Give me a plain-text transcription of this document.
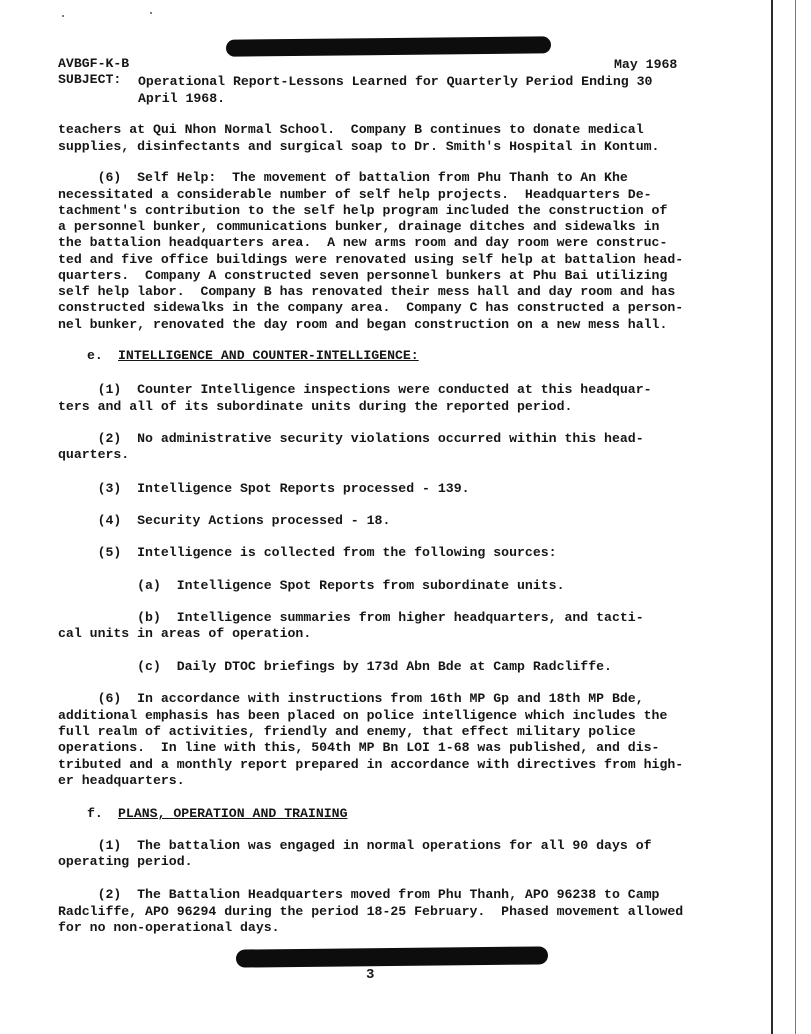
AVBGF-K-B	May 1968
SUBJECT: Operational Report-Lessons Learned for Quarterly Period Ending 30
April 1968.
teachers at Qui Nhon Normal School.  Company B continues to donate medical
supplies, disinfectants and surgical soap to Dr. Smith's Hospital in Kontum.
(6)  Self Help:  The movement of battalion from Phu Thanh to An Khe
necessitated a considerable number of self help projects.  Headquarters De-
tachment's contribution to the self help program included the construction of
a personnel bunker, communications bunker, drainage ditches and sidewalks in
the battalion headquarters area.  A new arms room and day room were construc-
ted and five office buildings were renovated using self help at battalion head-
quarters.  Company A constructed seven personnel bunkers at Phu Bai utilizing
self help labor.  Company B has renovated their mess hall and day room and has
constructed sidewalks in the company area.  Company C has constructed a person-
nel bunker, renovated the day room and began construction on a new mess hall.
e. INTELLIGENCE AND COUNTER-INTELLIGENCE:
(1)  Counter Intelligence inspections were conducted at this headquar-
ters and all of its subordinate units during the reported period.
(2)  No administrative security violations occurred within this head-
quarters.
(3)  Intelligence Spot Reports processed - 139.
(4)  Security Actions processed - 18.
(5)  Intelligence is collected from the following sources:
(a)  Intelligence Spot Reports from subordinate units.
(b)  Intelligence summaries from higher headquarters, and tacti-
cal units in areas of operation.
(c)  Daily DTOC briefings by 173d Abn Bde at Camp Radcliffe.
(6)  In accordance with instructions from 16th MP Gp and 18th MP Bde,
additional emphasis has been placed on police intelligence which includes the
full realm of activities, friendly and enemy, that effect military police
operations.  In line with this, 504th MP Bn LOI 1-68 was published, and dis-
tributed and a monthly report prepared in accordance with directives from high-
er headquarters.
f. PLANS, OPERATION AND TRAINING
(1)  The battalion was engaged in normal operations for all 90 days of
operating period.
(2)  The Battalion Headquarters moved from Phu Thanh, APO 96238 to Camp
Radcliffe, APO 96294 during the period 18-25 February.  Phased movement allowed
for no non-operational days.
3
